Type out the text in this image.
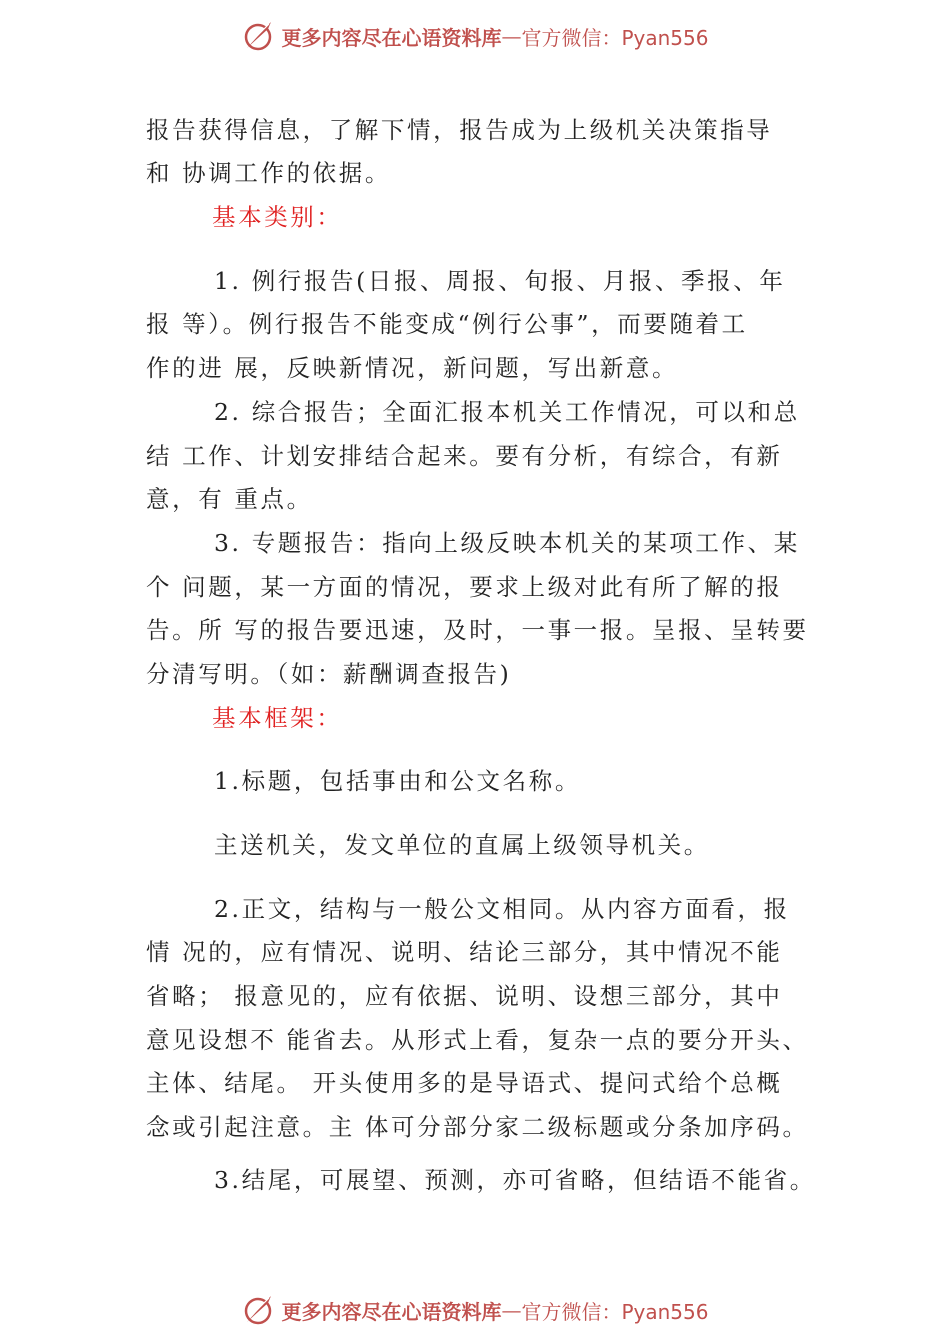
更多内容尽在心语资料库 — 官方微信：Pyan556
报告获得信息，了解下情，报告成为上级机关决策指导
和 协调工作的依据。
基本类别：
1. 例行报告(日报、周报、旬报、月报、季报、年
报 等）。例行报告不能变成“例行公事”，而要随着工
作的进 展，反映新情况，新问题，写出新意。
2. 综合报告；全面汇报本机关工作情况，可以和总
结 工作、计划安排结合起来。要有分析，有综合，有新
意，有 重点。
3. 专题报告：指向上级反映本机关的某项工作、某
个 问题，某一方面的情况，要求上级对此有所了解的报
告。所 写的报告要迅速，及时，一事一报。呈报、呈转要
分清写明。（如：薪酬调查报告)
基本框架：
1.标题，包括事由和公文名称。
主送机关，发文单位的直属上级领导机关。
2.正文，结构与一般公文相同。从内容方面看，报
情 况的，应有情况、说明、结论三部分，其中情况不能
省略； 报意见的，应有依据、说明、设想三部分，其中
意见设想不 能省去。从形式上看，复杂一点的要分开头、
主体、结尾。 开头使用多的是导语式、提问式给个总概
念或引起注意。主 体可分部分家二级标题或分条加序码。
3.结尾，可展望、预测，亦可省略，但结语不能省。
更多内容尽在心语资料库 — 官方微信：Pyan556
